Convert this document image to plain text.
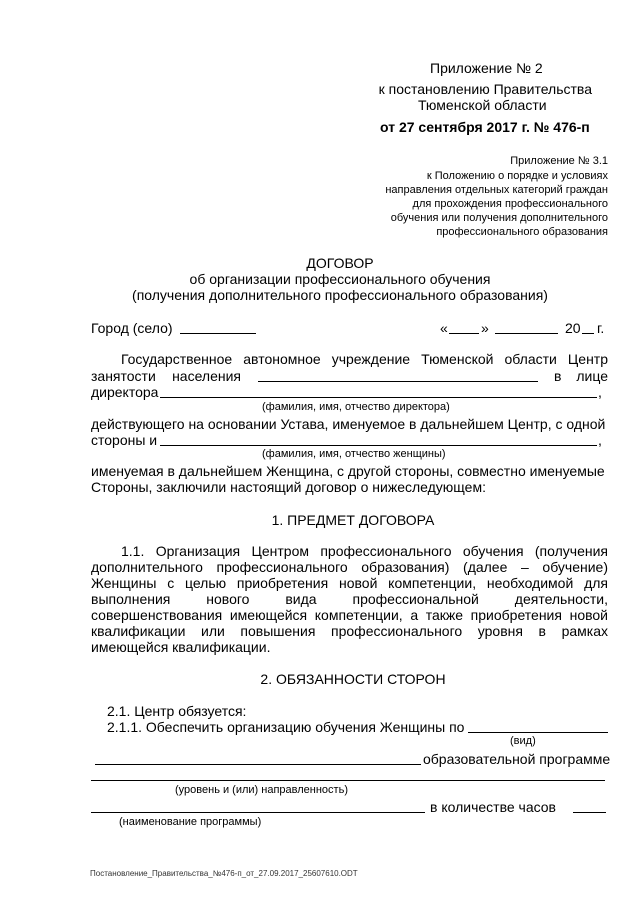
Приложение № 2
к постановлению Правительства
Тюменской области
от 27 сентября 2017 г. № 476-п
Приложение № 3.1
к Положению о порядке и условиях
направления отдельных категорий граждан
для прохождения профессионального
обучения или получения дополнительного
профессионального образования
ДОГОВОР
об организации профессионального обучения
(получения дополнительного профессионального образования)
Город (село)	« »	20 г.
Государственное автономное учреждение Тюменской области Центр
занятости населения	в лице
директора	,
(фамилия, имя, отчество директора)
действующего на основании Устава, именуемое в дальнейшем Центр, с одной
стороны и	,
(фамилия, имя, отчество женщины)
именуемая в дальнейшем Женщина, с другой стороны, совместно именуемые
Стороны, заключили настоящий договор о нижеследующем:
1. ПРЕДМЕТ ДОГОВОРА
1.1. Организация Центром профессионального обучения (получения
дополнительного профессионального образования) (далее – обучение)
Женщины с целью приобретения новой компетенции, необходимой для
выполнения нового вида профессиональной деятельности,
совершенствования имеющейся компетенции, а также приобретения новой
квалификации или повышения профессионального уровня в рамках
имеющейся квалификации.
2. ОБЯЗАННОСТИ СТОРОН
2.1. Центр обязуется:
2.1.1. Обеспечить организацию обучения Женщины по
(вид)
образовательной программе
(уровень и (или) направленность)
в количестве часов
(наименование программы)
Постановление_Правительства_№476-п_от_27.09.2017_25607610.ODT
